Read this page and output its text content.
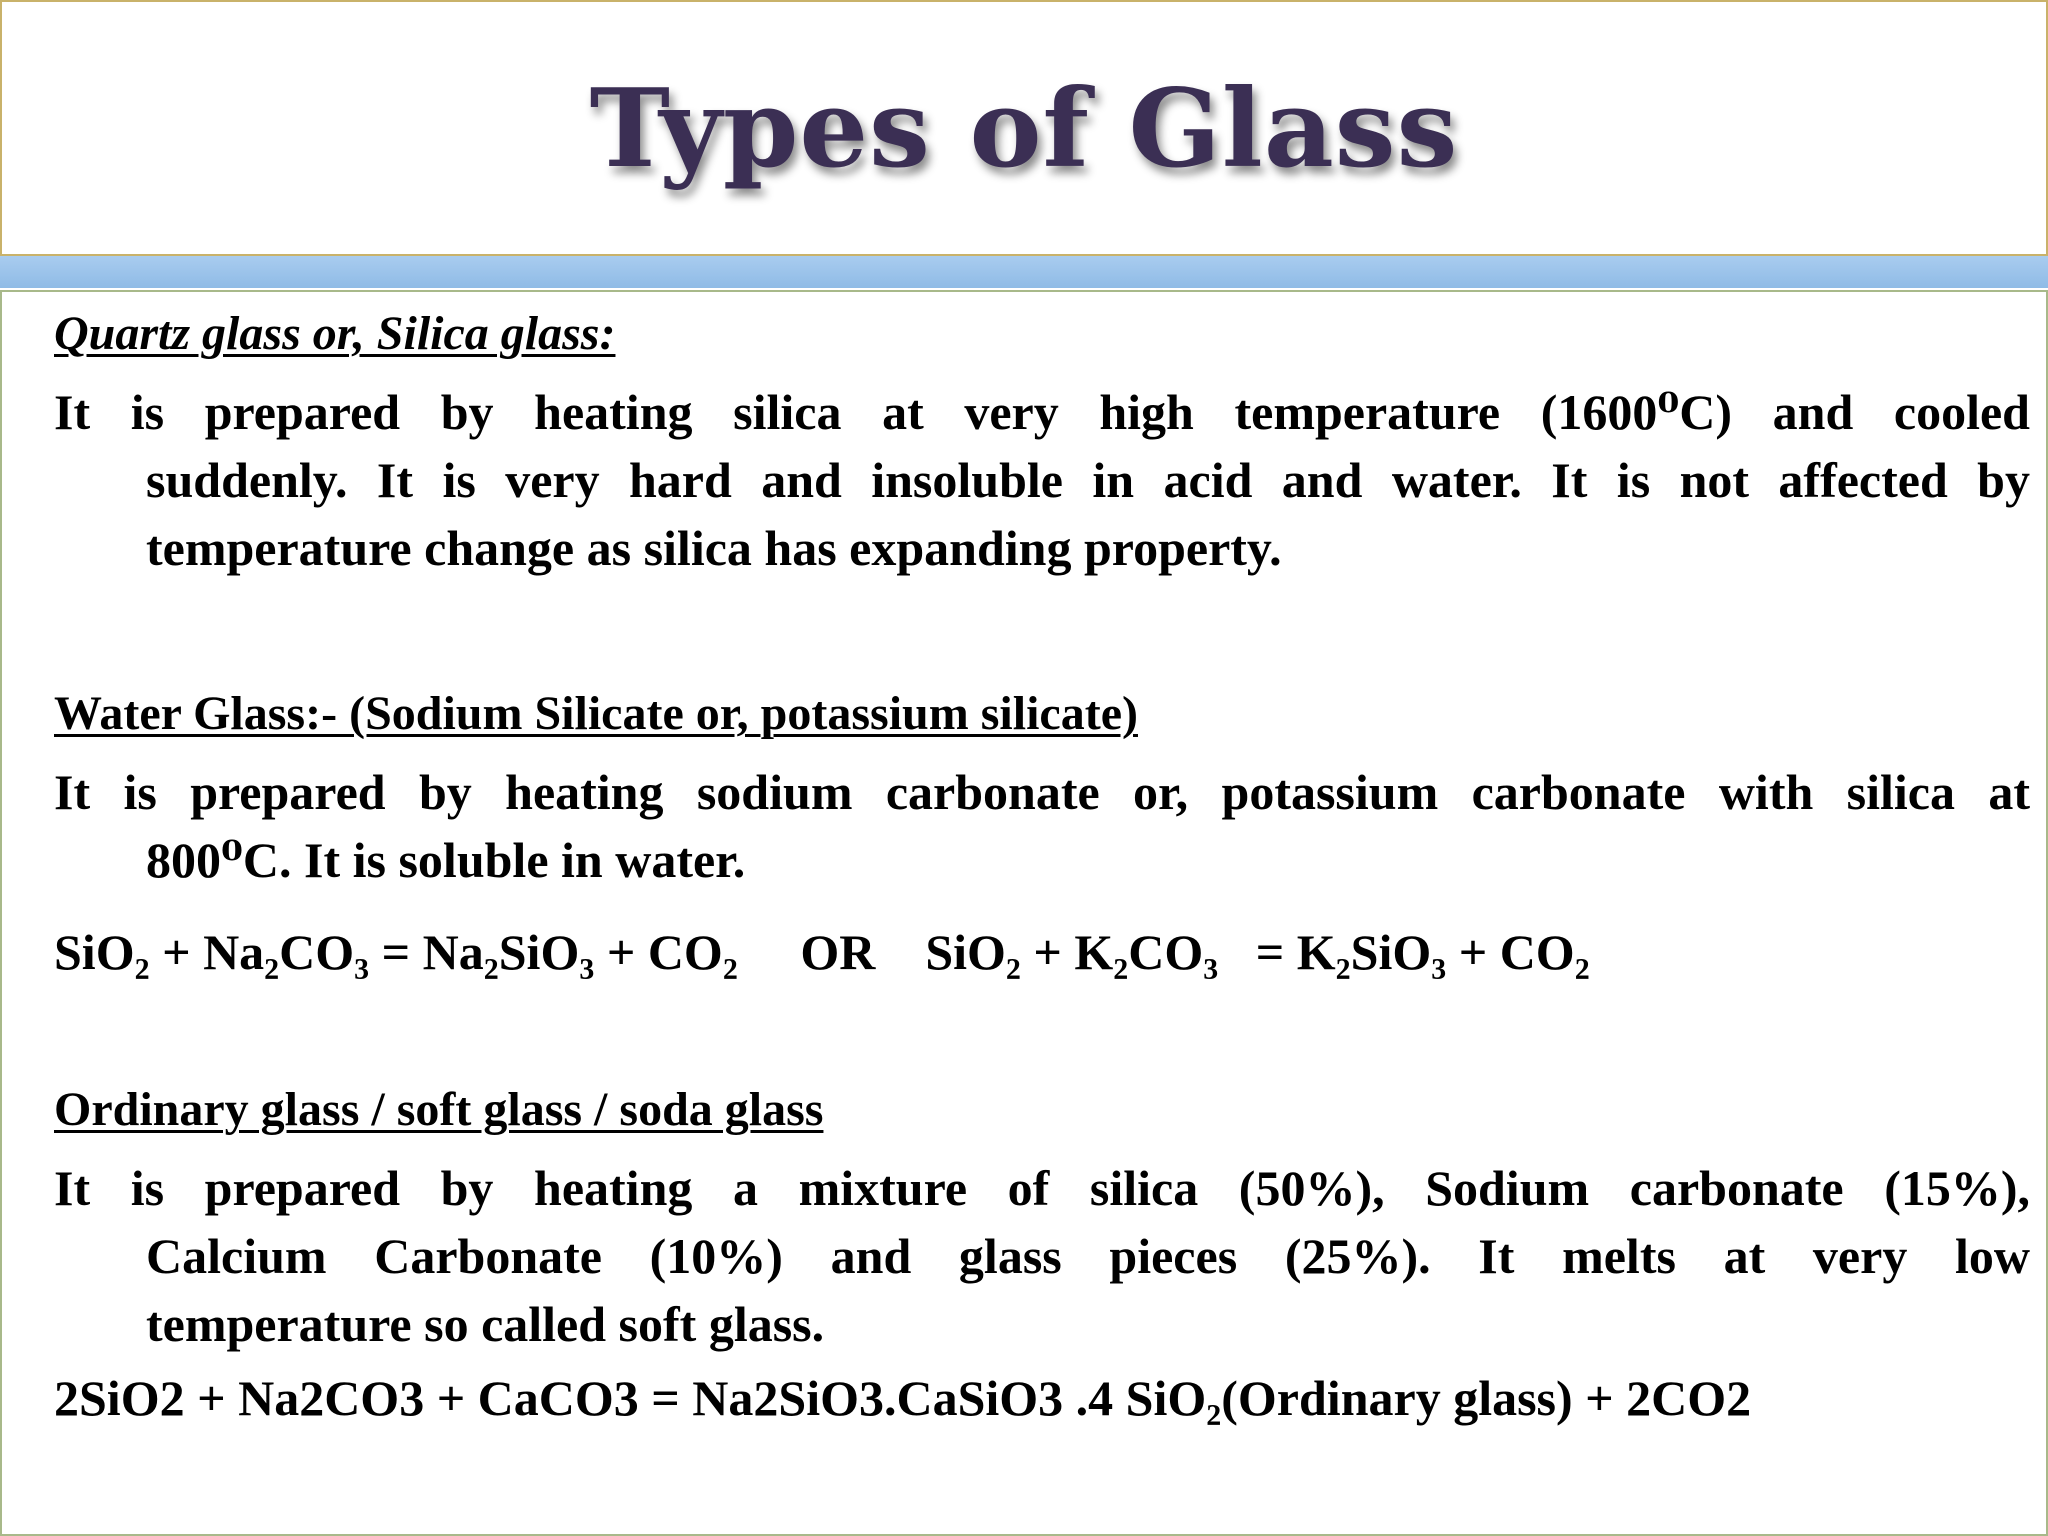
Types of Glass
Quartz glass or, Silica glass:
It is prepared by heating silica at very high temperature (1600⁰C) and cooled
suddenly. It is very hard and insoluble in acid and water. It is not affected by
temperature change as silica has expanding property.
Water Glass:- (Sodium Silicate or, potassium silicate)
It is prepared by heating sodium carbonate or, potassium carbonate with silica at
800⁰C. It is soluble in water.
SiO₂ + Na₂CO₃ = Na₂SiO₃ + CO₂     OR    SiO₂ + K₂CO₃   = K₂SiO₃ + CO₂
Ordinary glass / soft glass / soda glass
It is prepared by heating a mixture of silica (50%), Sodium carbonate (15%),
Calcium Carbonate (10%) and glass pieces (25%). It melts at very low
temperature so called soft glass.
2SiO2 + Na2CO3 + CaCO3 = Na2SiO3.CaSiO3 .4 SiO₂(Ordinary glass) + 2CO2
